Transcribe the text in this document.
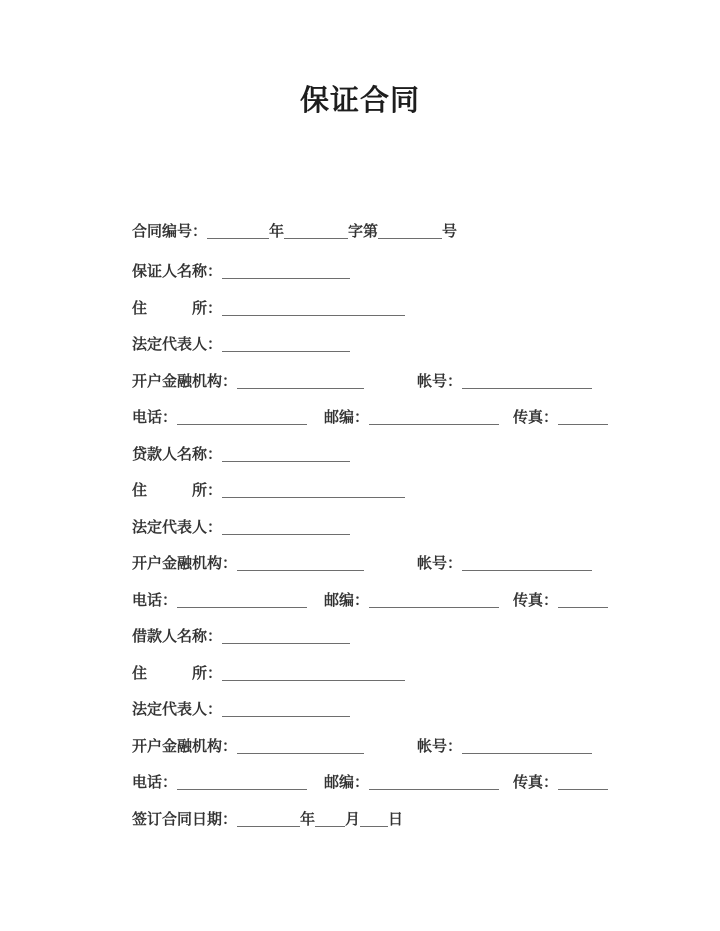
保证合同
合同编号：	年	字第	号
保证人名称：
住　　　所：
法定代表人：
开户金融机构：	帐号：
电话：	邮编：	传真：
贷款人名称：
住　　　所：
法定代表人：
开户金融机构：	帐号：
电话：	邮编：	传真：
借款人名称：
住　　　所：
法定代表人：
开户金融机构：	帐号：
电话：	邮编：	传真：
签订合同日期：	年 月 日
